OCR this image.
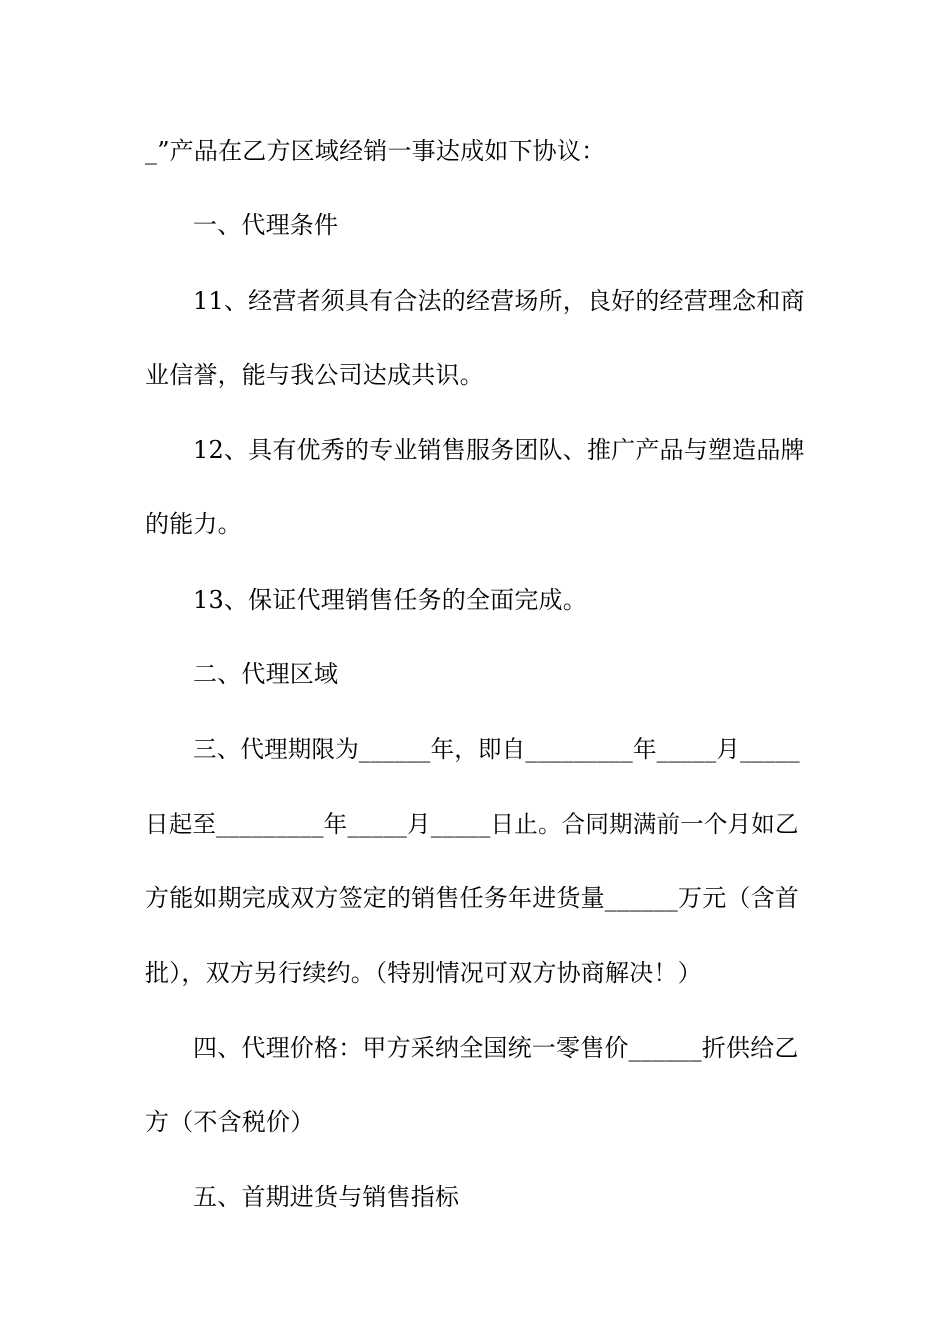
_”产品在乙方区域经销一事达成如下协议：
一、代理条件
11、经营者须具有合法的经营场所，良好的经营理念和商
业信誉，能与我公司达成共识。
12、具有优秀的专业销售服务团队、推广产品与塑造品牌
的能力。
13、保证代理销售任务的全面完成。
二、代理区域
三、代理期限为______年，即自_________年_____月_____
日起至_________年_____月_____日止。合同期满前一个月如乙
方能如期完成双方签定的销售任务年进货量______万元（含首
批），双方另行续约。（特别情况可双方协商解决！）
四、代理价格：甲方采纳全国统一零售价______折供给乙
方（不含税价）
五、首期进货与销售指标
